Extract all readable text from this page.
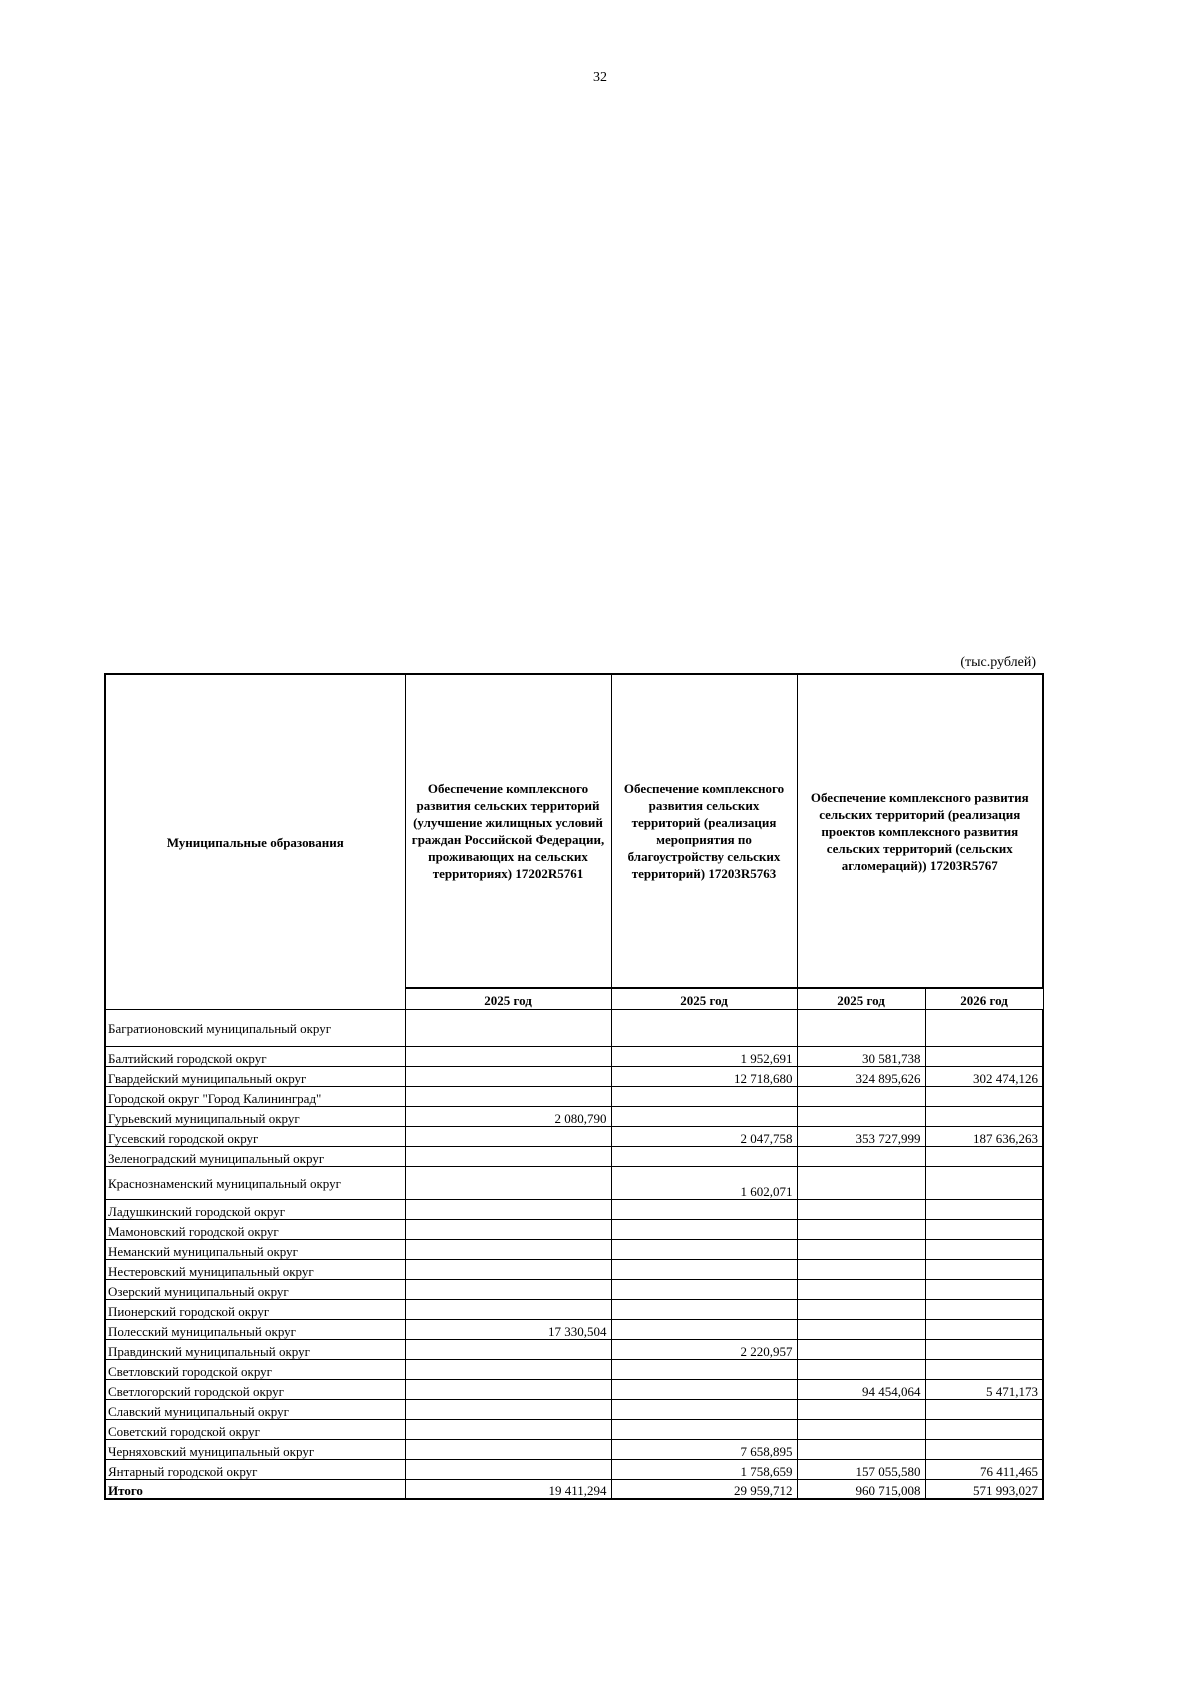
32
(тыс.рублей)
Муниципальные образования	Обеспечение комплексного развития сельских территорий (улучшение жилищных условий граждан Российской Федерации, проживающих на сельских территориях) 17202R5761	Обеспечение комплексного развития сельских территорий (реализация мероприятия по благоустройству сельских территорий) 17203R5763	Обеспечение комплексного развития сельских территорий (реализация проектов комплексного развития сельских территорий (сельских агломераций)) 17203R5767	
	2025 год	2025 год	2025 год	2026 год
Багратионовский муниципальный округ				
Балтийский городской округ		1 952,691	30 581,738	
Гвардейский муниципальный округ		12 718,680	324 895,626	302 474,126
Городской округ "Город Калининград"				
Гурьевский муниципальный округ	2 080,790			
Гусевский городской округ		2 047,758	353 727,999	187 636,263
Зеленоградский муниципальный округ				
Краснознаменский муниципальный округ		1 602,071		
Ладушкинский городской округ				
Мамоновский городской округ				
Неманский муниципальный округ				
Нестеровский муниципальный округ				
Озерский муниципальный округ				
Пионерский городской округ				
Полесский муниципальный округ	17 330,504			
Правдинский муниципальный округ		2 220,957		
Светловский городской округ				
Светлогорский городской округ			94 454,064	5 471,173
Славский муниципальный округ				
Советский городской округ				
Черняховский муниципальный округ		7 658,895		
Янтарный городской округ		1 758,659	157 055,580	76 411,465
Итого	19 411,294	29 959,712	960 715,008	571 993,027
